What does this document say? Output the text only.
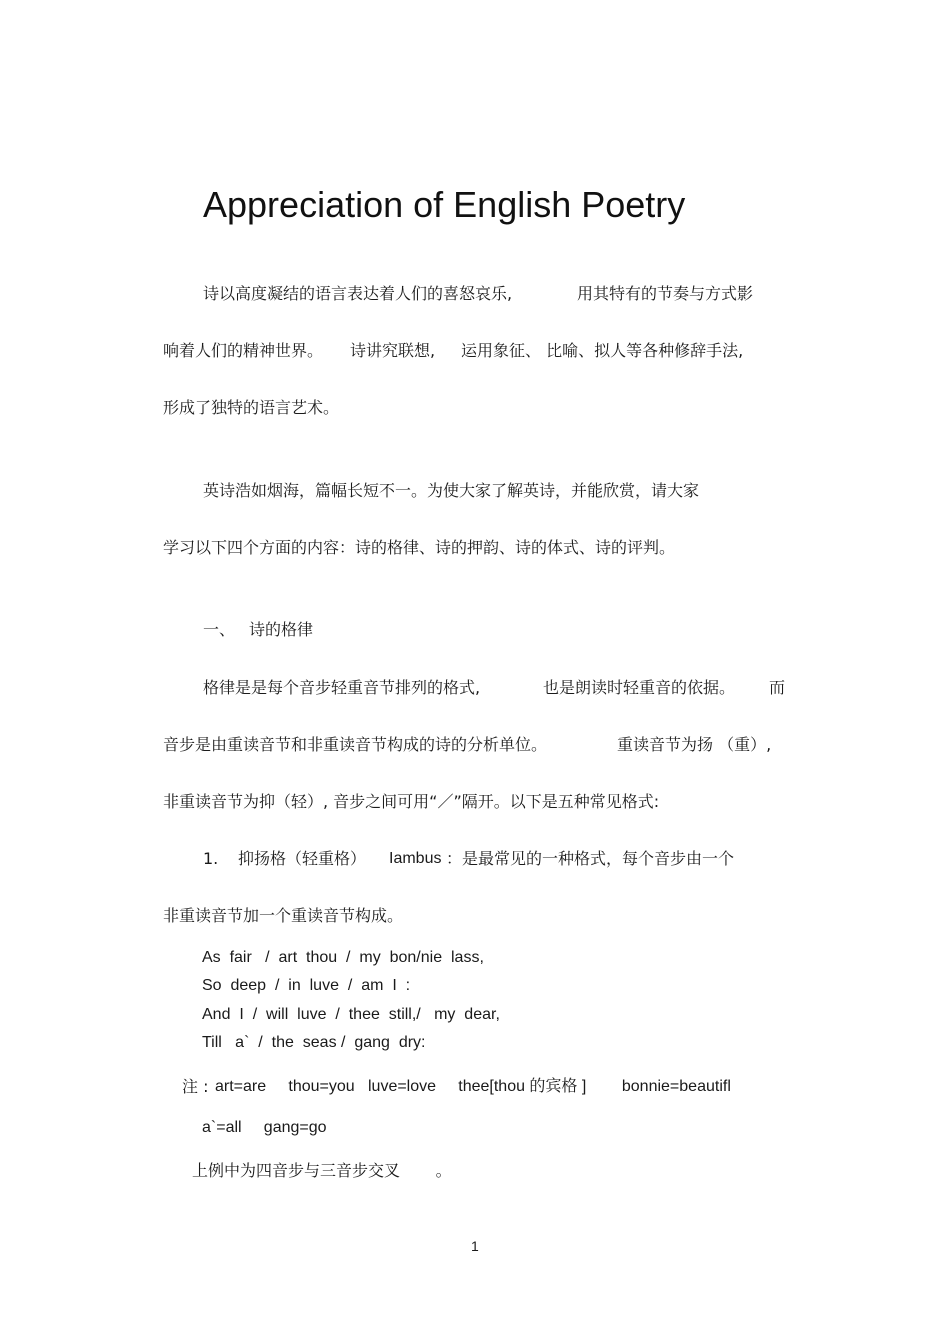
Appreciation of English Poetry
诗以高度凝结的语言表达着人们的喜怒哀乐,	用其特有的节奏与方式影
响着人们的精神世界。 诗讲究联想, 运用象征、 比喻、拟人等各种修辞手法,
形成了独特的语言艺术。
英诗浩如烟海，篇幅长短不一。为使大家了解英诗，并能欣赏，请大家
学习以下四个方面的内容：诗的格律、诗的押韵、诗的体式、诗的评判。
一、 诗的格律
格律是是每个音步轻重音节排列的格式,	也是朗读时轻重音的依据。 而
音步是由重读音节和非重读音节构成的诗的分析单位。	重读音节为扬 （重）,
非重读音节为抑（轻）, 音步之间可用“／”隔开。以下是五种常见格式:
1. 抑扬格（轻重格） Iambus ：是最常见的一种格式，每个音步由一个
非重读音节加一个重读音节构成。
As  fair   /  art  thou  /  my  bon/nie  lass,
So  deep  /  in  luve  /  am  I  :
And  I  /  will  luve  /  thee  still,/   my  dear,
Till   a`  /  the  seas /  gang  dry:
注 : art=are     thou=you   luve=love     thee[thou 的宾格 ]        bonnie=beautifl
a`=all     gang=go
上例中为四音步与三音步交叉       。
1
